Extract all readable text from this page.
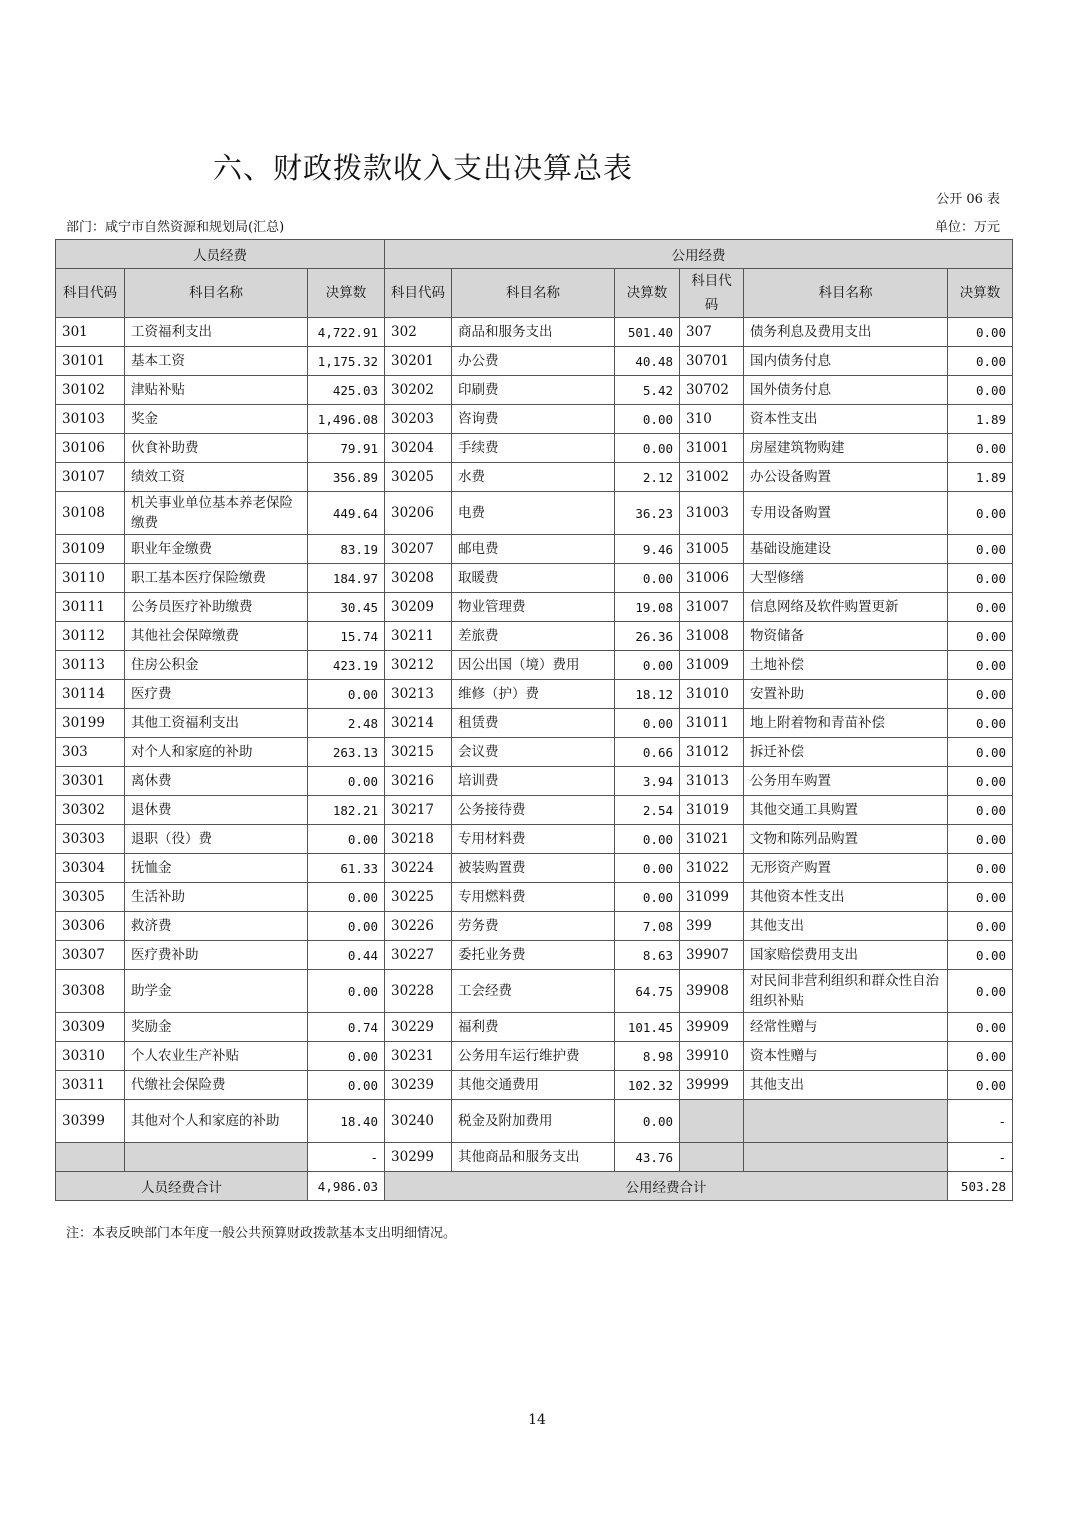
六、财政拨款收入支出决算总表
公开 06 表
部门：咸宁市自然资源和规划局(汇总)	单位：万元
人员经费			公用经费					
科目代码	科目名称	决算数	科目代码	科目名称	决算数	科目代码	科目名称	决算数
301	工资福利支出	4,722.91	302	商品和服务支出	501.40	307	债务利息及费用支出	0.00
30101	基本工资	1,175.32	30201	办公费	40.48	30701	国内债务付息	0.00
30102	津贴补贴	425.03	30202	印刷费	5.42	30702	国外债务付息	0.00
30103	奖金	1,496.08	30203	咨询费	0.00	310	资本性支出	1.89
30106	伙食补助费	79.91	30204	手续费	0.00	31001	房屋建筑物购建	0.00
30107	绩效工资	356.89	30205	水费	2.12	31002	办公设备购置	1.89
30108	机关事业单位基本养老保险缴费	449.64	30206	电费	36.23	31003	专用设备购置	0.00
30109	职业年金缴费	83.19	30207	邮电费	9.46	31005	基础设施建设	0.00
30110	职工基本医疗保险缴费	184.97	30208	取暖费	0.00	31006	大型修缮	0.00
30111	公务员医疗补助缴费	30.45	30209	物业管理费	19.08	31007	信息网络及软件购置更新	0.00
30112	其他社会保障缴费	15.74	30211	差旅费	26.36	31008	物资储备	0.00
30113	住房公积金	423.19	30212	因公出国（境）费用	0.00	31009	土地补偿	0.00
30114	医疗费	0.00	30213	维修（护）费	18.12	31010	安置补助	0.00
30199	其他工资福利支出	2.48	30214	租赁费	0.00	31011	地上附着物和青苗补偿	0.00
303	对个人和家庭的补助	263.13	30215	会议费	0.66	31012	拆迁补偿	0.00
30301	离休费	0.00	30216	培训费	3.94	31013	公务用车购置	0.00
30302	退休费	182.21	30217	公务接待费	2.54	31019	其他交通工具购置	0.00
30303	退职（役）费	0.00	30218	专用材料费	0.00	31021	文物和陈列品购置	0.00
30304	抚恤金	61.33	30224	被装购置费	0.00	31022	无形资产购置	0.00
30305	生活补助	0.00	30225	专用燃料费	0.00	31099	其他资本性支出	0.00
30306	救济费	0.00	30226	劳务费	7.08	399	其他支出	0.00
30307	医疗费补助	0.44	30227	委托业务费	8.63	39907	国家赔偿费用支出	0.00
30308	助学金	0.00	30228	工会经费	64.75	39908	对民间非营利组织和群众性自治组织补贴	0.00
30309	奖励金	0.74	30229	福利费	101.45	39909	经常性赠与	0.00
30310	个人农业生产补贴	0.00	30231	公务用车运行维护费	8.98	39910	资本性赠与	0.00
30311	代缴社会保险费	0.00	30239	其他交通费用	102.32	39999	其他支出	0.00
30399	其他对个人和家庭的补助	18.40	30240	税金及附加费用	0.00			-
		-	30299	其他商品和服务支出	43.76			-
人员经费合计		4,986.03	公用经费合计					503.28
注：本表反映部门本年度一般公共预算财政拨款基本支出明细情况。
14
